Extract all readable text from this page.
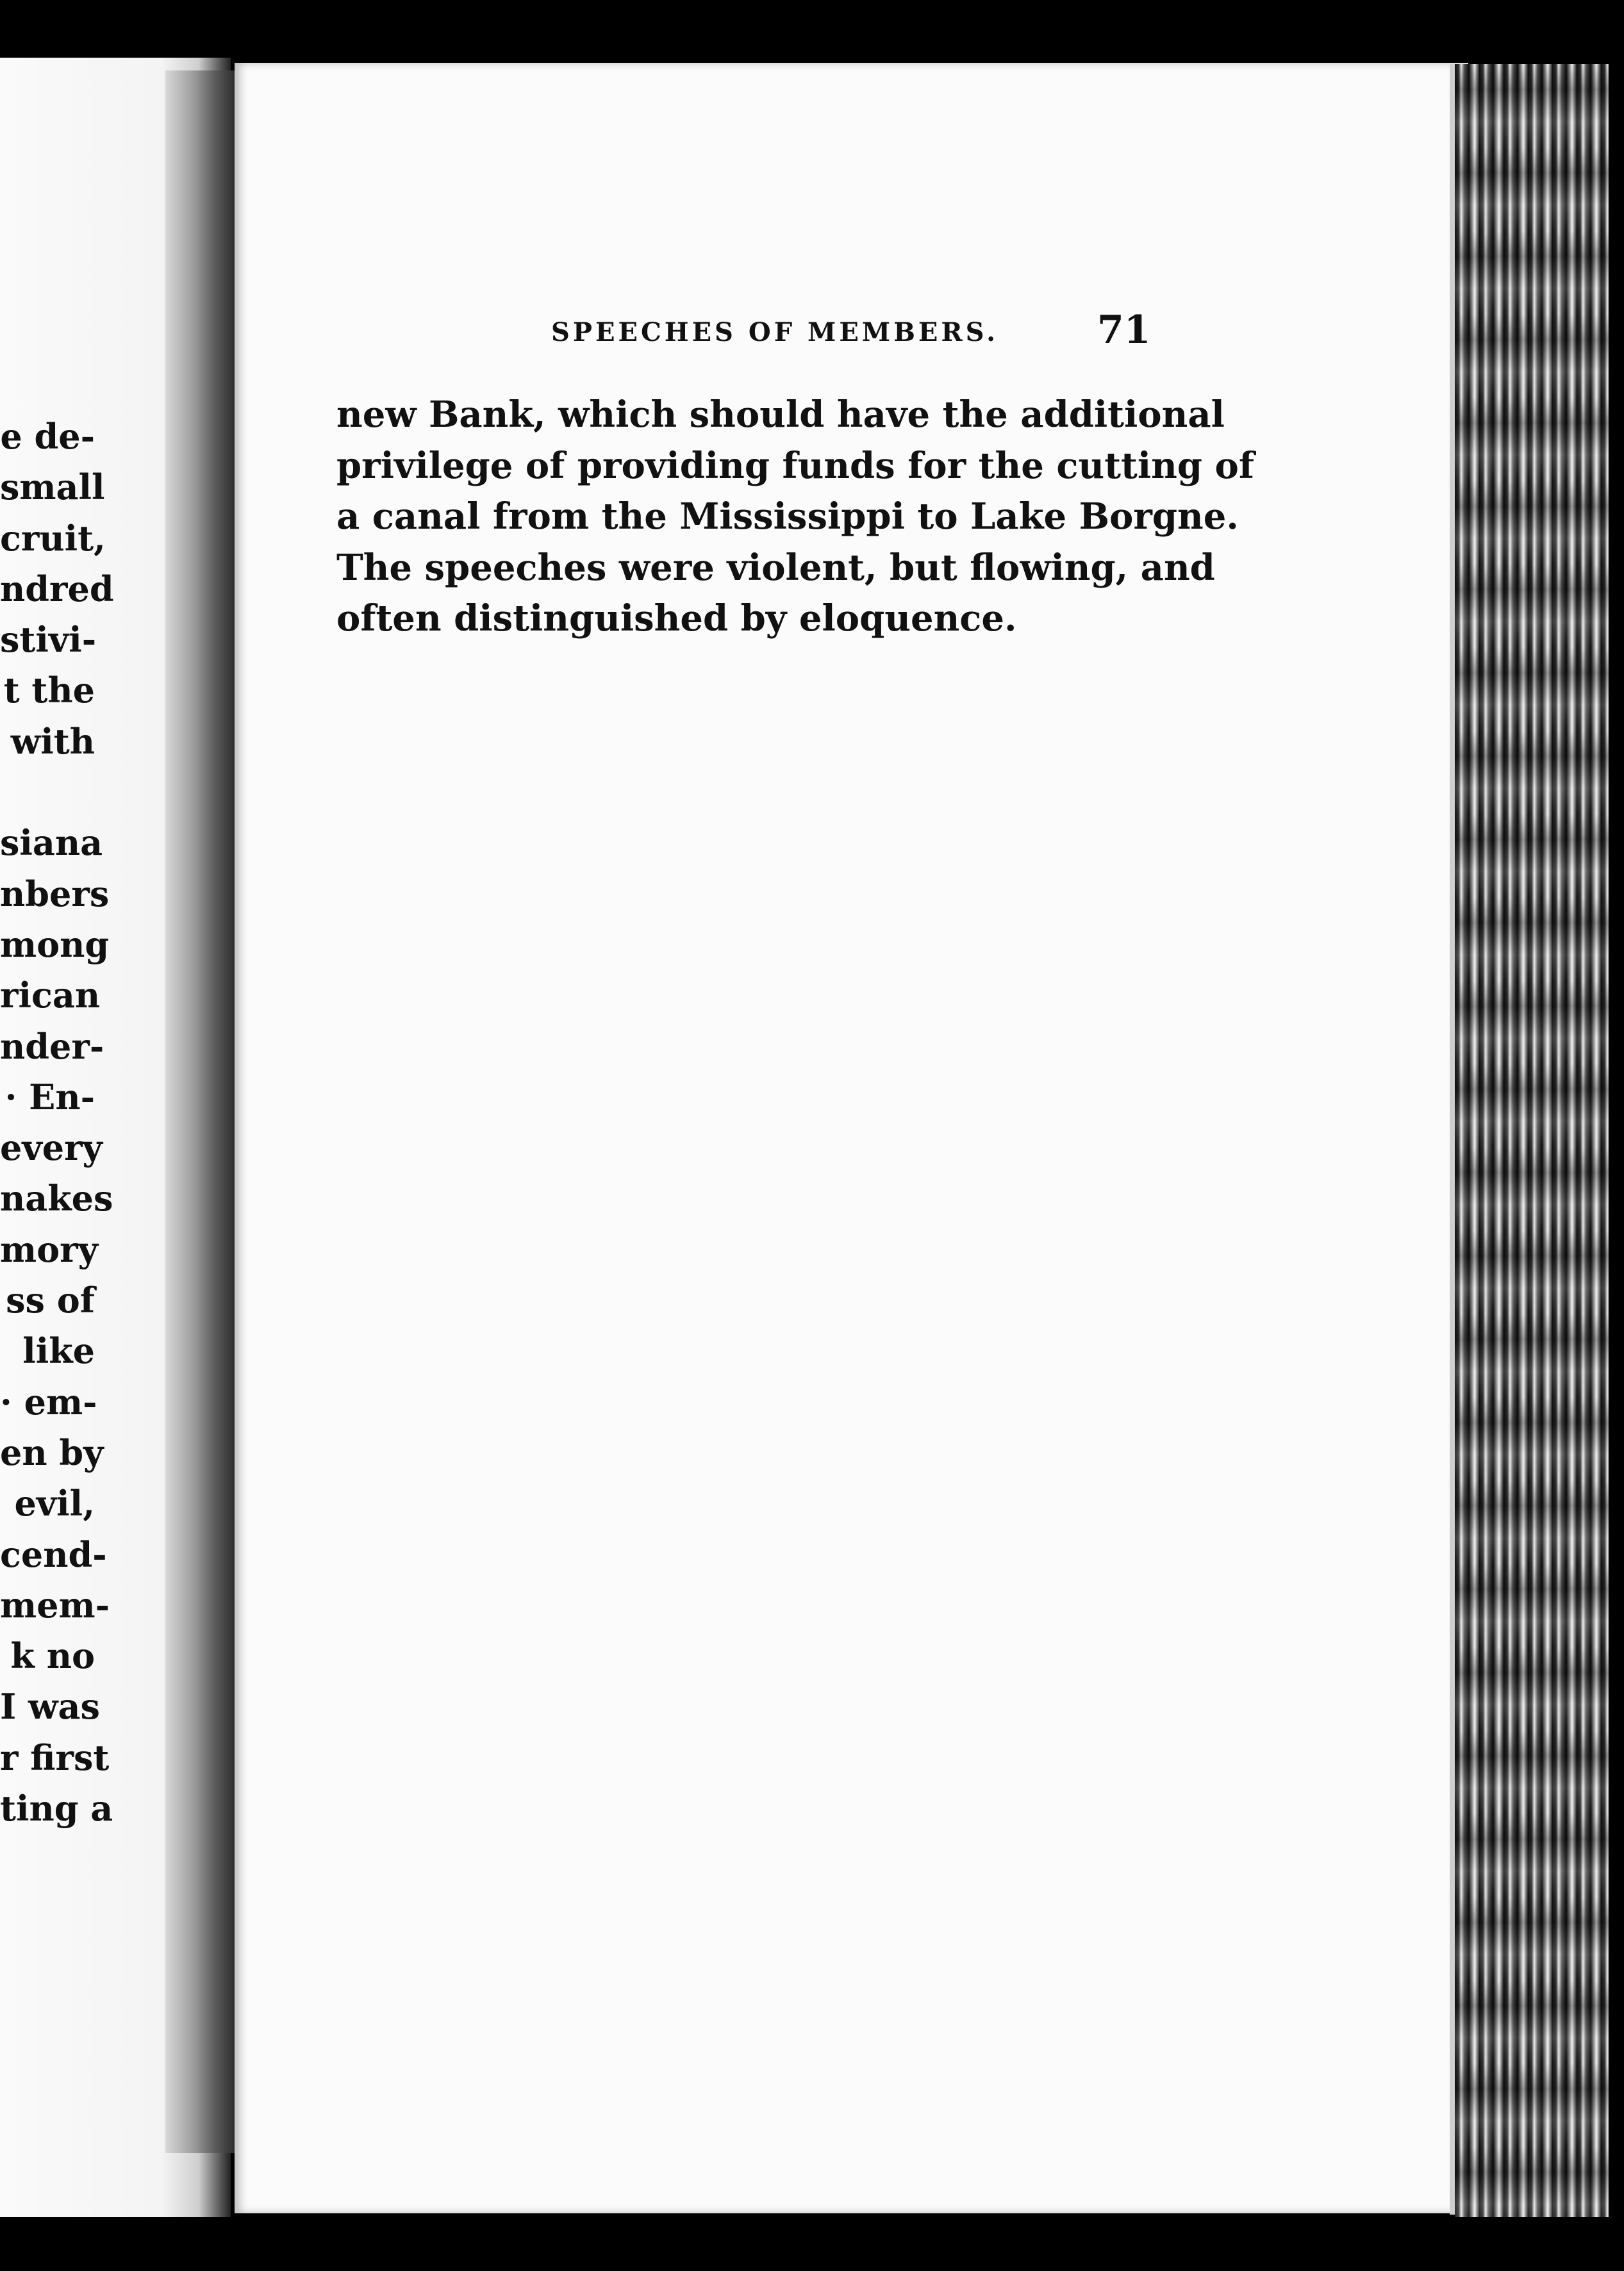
e de-
small
cruit,
ndred
stivi-
t the
with

siana
nbers
mong
rican
nder-
· En-
every
nakes
mory
ss of
like
· em-
en by
evil,
cend-
mem-
k no
I was
r first
ting a
SPEECHES OF MEMBERS.	71
new Bank, which should have the additional
privilege of providing funds for the cutting of
a canal from the Mississippi to Lake Borgne.
The speeches were violent, but flowing, and
often distinguished by eloquence.
